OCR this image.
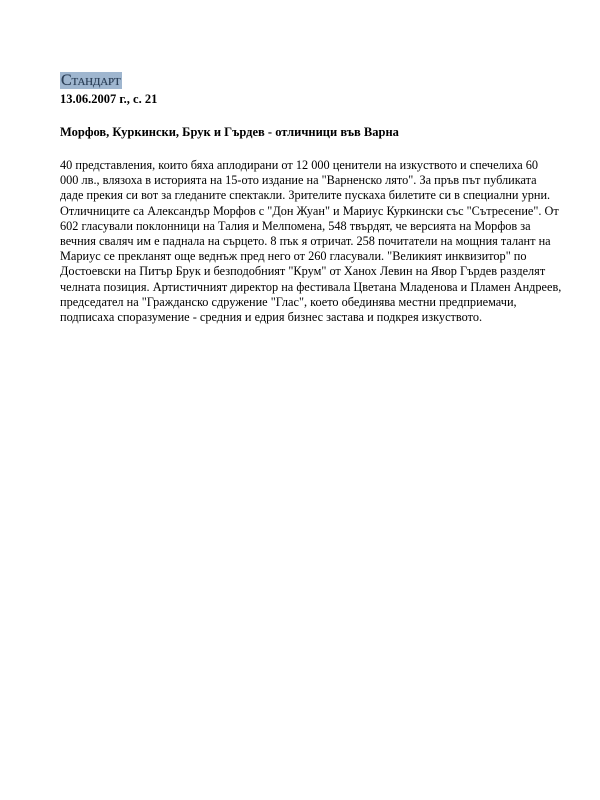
Стандарт
13.06.2007 г., с. 21
Морфов, Куркински, Брук и Гърдев - отличници във Варна
40 представления, които бяха аплодирани от 12 000 ценители на изкуството и спечелиха 60
000 лв., влязоха в историята на 15-ото издание на "Варненско лято". За пръв път публиката
даде прекия си вот за гледаните спектакли. Зрителите пускаха билетите си в специални урни.
Отличниците са Александър Морфов с "Дон Жуан" и Мариус Куркински със "Сътресение". От
602 гласували поклонници на Талия и Мелпомена, 548 твърдят, че версията на Морфов за
вечния сваляч им е паднала на сърцето. 8 пък я отричат. 258 почитатели на мощния талант на
Мариус се прекланят още веднъж пред него от 260 гласували. "Великият инквизитор" по
Достоевски на Питър Брук и безподобният "Крум" от Ханох Левин на Явор Гърдев разделят
челната позиция. Артистичният директор на фестивала Цветана Младенова и Пламен Андреев,
председател на "Гражданско сдружение "Глас", което обединява местни предприемачи,
подписаха споразумение - средния и едрия бизнес застава и подкрея изкуството.
